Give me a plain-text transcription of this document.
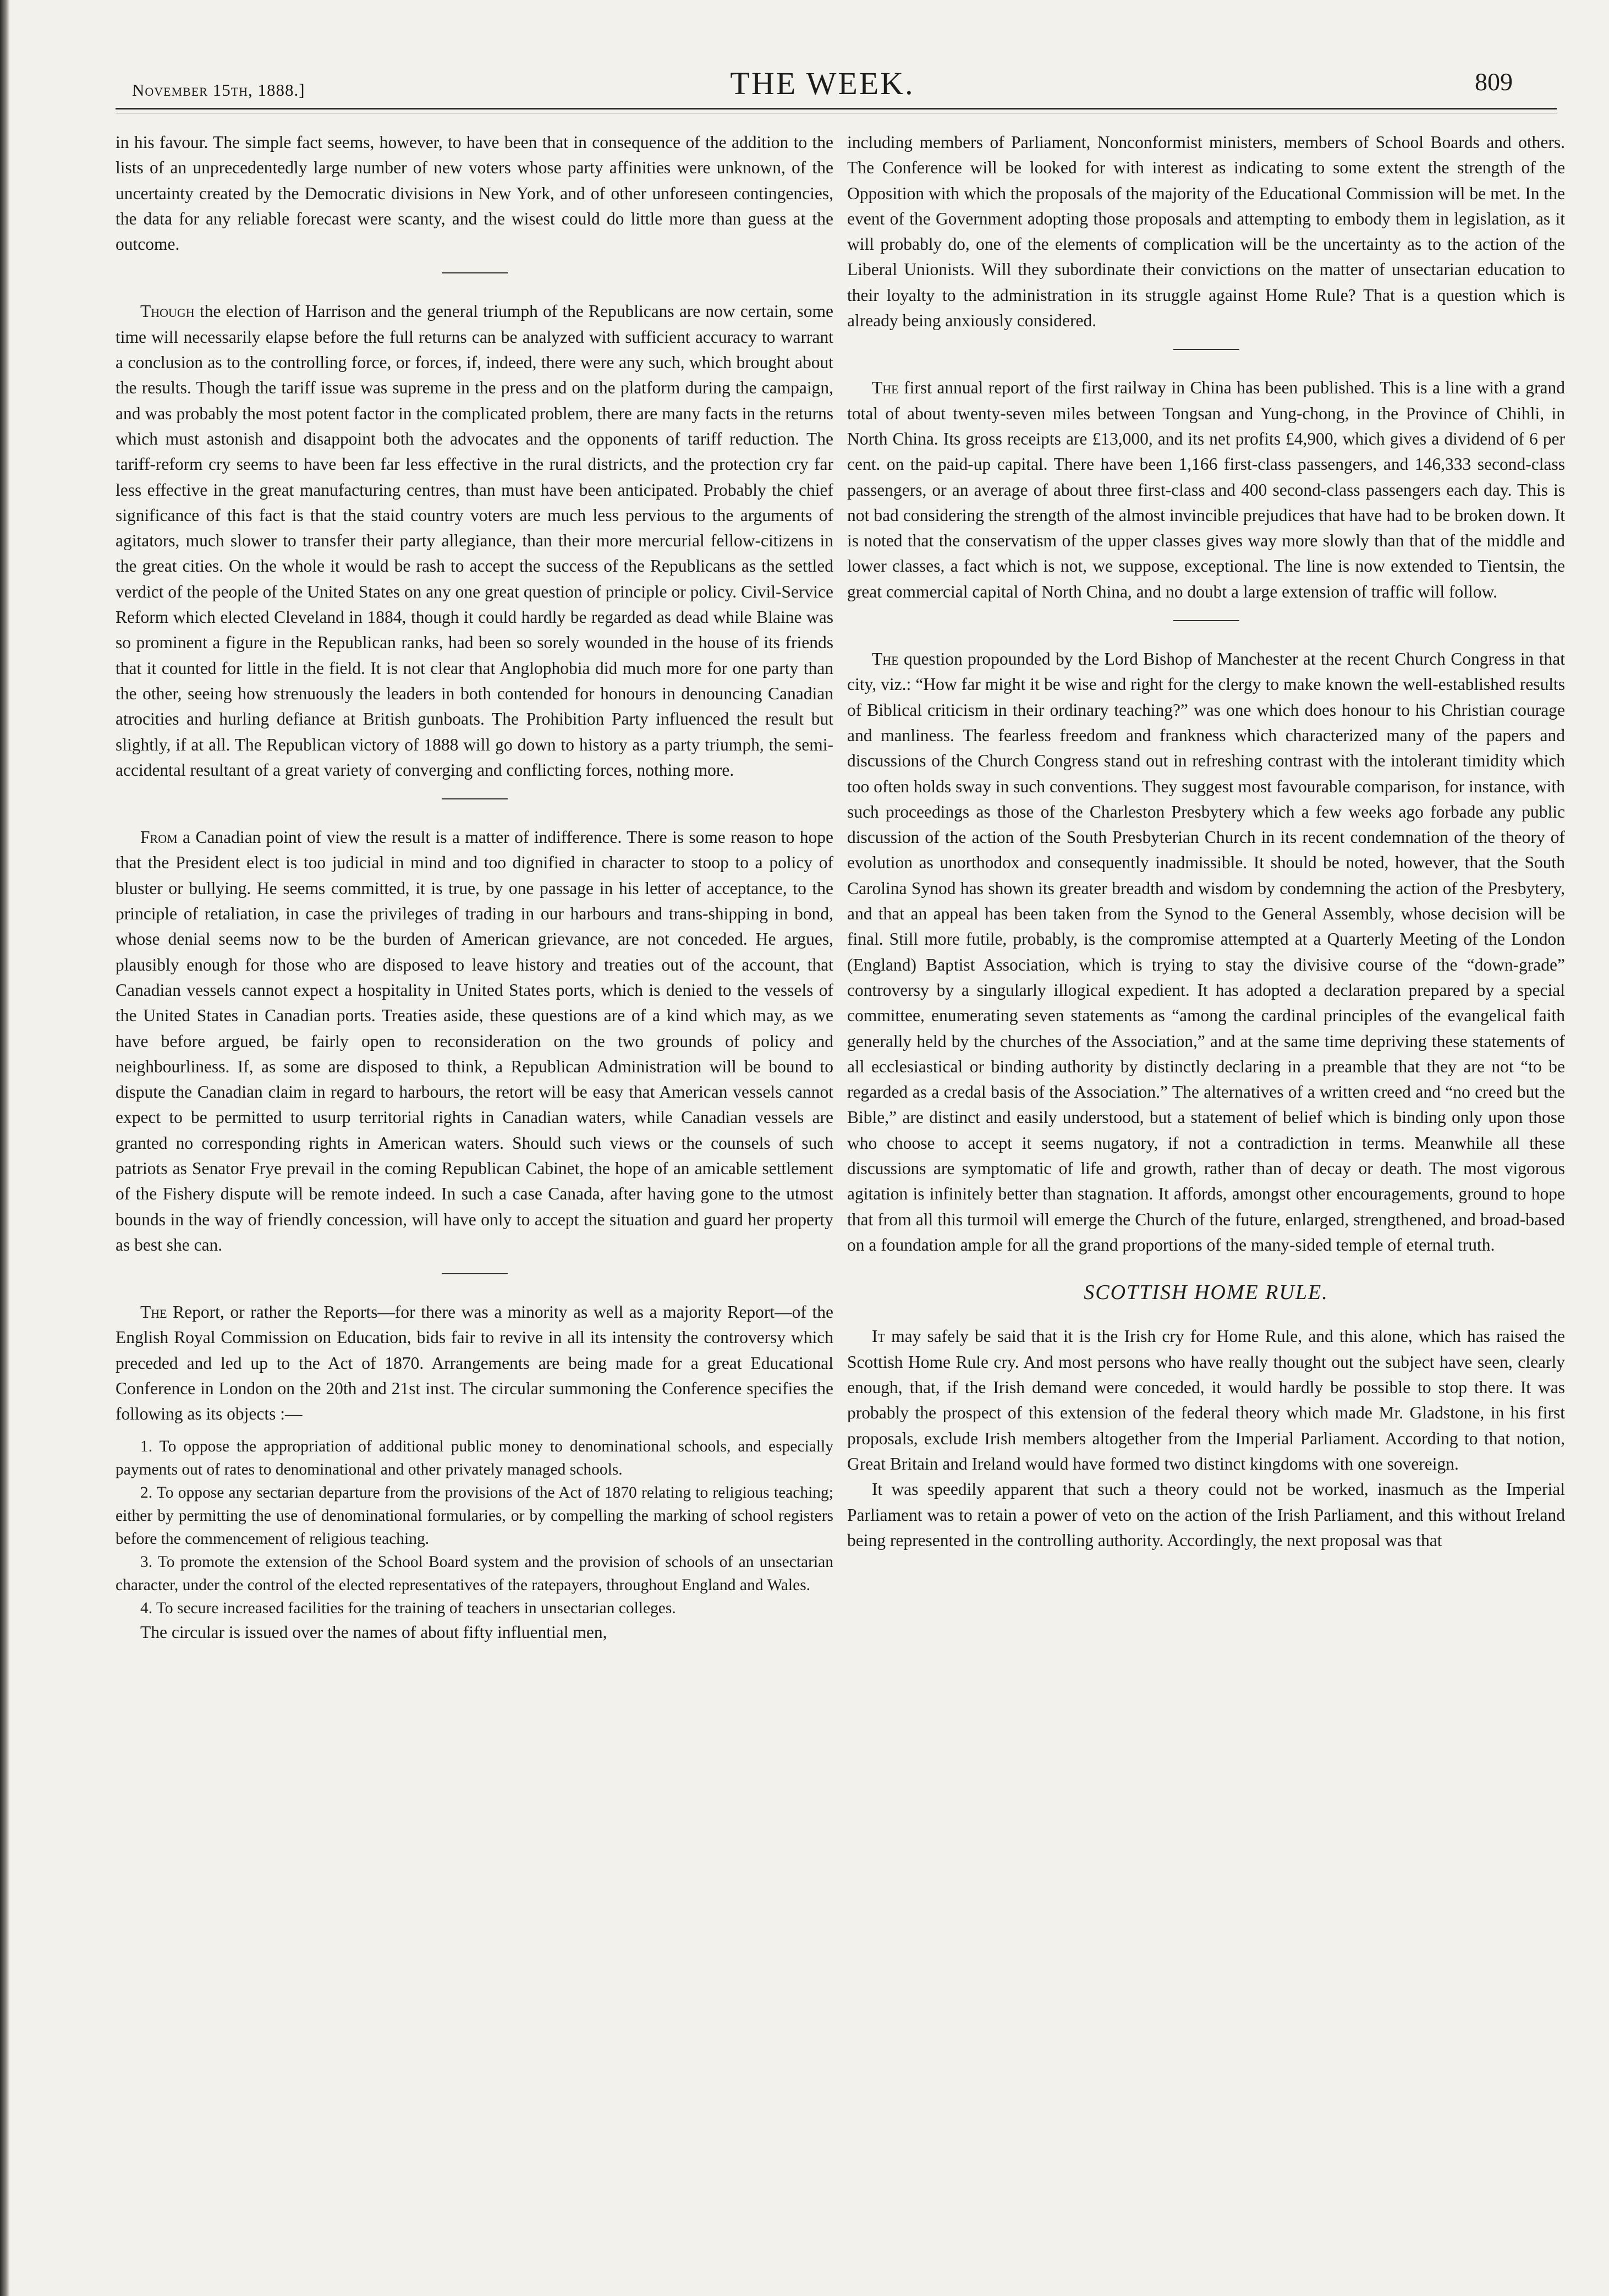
November 15th, 1888.]	THE WEEK.	809

in his favour. The simple fact seems, however, to have been that in consequence of the addition to the lists of an unprecedentedly large number of new voters whose party affinities were unknown, of the uncertainty created by the Democratic divisions in New York, and of other unforeseen contingencies, the data for any reliable forecast were scanty, and the wisest could do little more than guess at the outcome.

Though the election of Harrison and the general triumph of the Republicans are now certain, some time will necessarily elapse before the full returns can be analyzed with sufficient accuracy to warrant a conclusion as to the controlling force, or forces, if, indeed, there were any such, which brought about the results. Though the tariff issue was supreme in the press and on the platform during the campaign, and was probably the most potent factor in the complicated problem, there are many facts in the returns which must astonish and disappoint both the advocates and the opponents of tariff reduction. The tariff-reform cry seems to have been far less effective in the rural districts, and the protection cry far less effective in the great manufacturing centres, than must have been anticipated. Probably the chief significance of this fact is that the staid country voters are much less pervious to the arguments of agitators, much slower to transfer their party allegiance, than their more mercurial fellow-citizens in the great cities. On the whole it would be rash to accept the success of the Republicans as the settled verdict of the people of the United States on any one great question of principle or policy. Civil-Service Reform which elected Cleveland in 1884, though it could hardly be regarded as dead while Blaine was so prominent a figure in the Republican ranks, had been so sorely wounded in the house of its friends that it counted for little in the field. It is not clear that Anglophobia did much more for one party than the other, seeing how strenuously the leaders in both contended for honours in denouncing Canadian atrocities and hurling defiance at British gunboats. The Prohibition Party influenced the result but slightly, if at all. The Republican victory of 1888 will go down to history as a party triumph, the semi-accidental resultant of a great variety of converging and conflicting forces, nothing more.

From a Canadian point of view the result is a matter of indifference. There is some reason to hope that the President elect is too judicial in mind and too dignified in character to stoop to a policy of bluster or bullying. He seems committed, it is true, by one passage in his letter of acceptance, to the principle of retaliation, in case the privileges of trading in our harbours and trans-shipping in bond, whose denial seems now to be the burden of American grievance, are not conceded. He argues, plausibly enough for those who are disposed to leave history and treaties out of the account, that Canadian vessels cannot expect a hospitality in United States ports, which is denied to the vessels of the United States in Canadian ports. Treaties aside, these questions are of a kind which may, as we have before argued, be fairly open to reconsideration on the two grounds of policy and neighbourliness. If, as some are disposed to think, a Republican Administration will be bound to dispute the Canadian claim in regard to harbours, the retort will be easy that American vessels cannot expect to be permitted to usurp territorial rights in Canadian waters, while Canadian vessels are granted no corresponding rights in American waters. Should such views or the counsels of such patriots as Senator Frye prevail in the coming Republican Cabinet, the hope of an amicable settlement of the Fishery dispute will be remote indeed. In such a case Canada, after having gone to the utmost bounds in the way of friendly concession, will have only to accept the situation and guard her property as best she can.

The Report, or rather the Reports—for there was a minority as well as a majority Report—of the English Royal Commission on Education, bids fair to revive in all its intensity the controversy which preceded and led up to the Act of 1870. Arrangements are being made for a great Educational Conference in London on the 20th and 21st inst. The circular summoning the Conference specifies the following as its objects :—

1. To oppose the appropriation of additional public money to denominational schools, and especially payments out of rates to denominational and other privately managed schools.

2. To oppose any sectarian departure from the provisions of the Act of 1870 relating to religious teaching; either by permitting the use of denominational formularies, or by compelling the marking of school registers before the commencement of religious teaching.

3. To promote the extension of the School Board system and the provision of schools of an unsectarian character, under the control of the elected representatives of the ratepayers, throughout England and Wales.

4. To secure increased facilities for the training of teachers in unsectarian colleges.

The circular is issued over the names of about fifty influential men,

including members of Parliament, Nonconformist ministers, members of School Boards and others. The Conference will be looked for with interest as indicating to some extent the strength of the Opposition with which the proposals of the majority of the Educational Commission will be met. In the event of the Government adopting those proposals and attempting to embody them in legislation, as it will probably do, one of the elements of complication will be the uncertainty as to the action of the Liberal Unionists. Will they subordinate their convictions on the matter of unsectarian education to their loyalty to the administration in its struggle against Home Rule? That is a question which is already being anxiously considered.

The first annual report of the first railway in China has been published. This is a line with a grand total of about twenty-seven miles between Tongsan and Yung-chong, in the Province of Chihli, in North China. Its gross receipts are £13,000, and its net profits £4,900, which gives a dividend of 6 per cent. on the paid-up capital. There have been 1,166 first-class passengers, and 146,333 second-class passengers, or an average of about three first-class and 400 second-class passengers each day. This is not bad considering the strength of the almost invincible prejudices that have had to be broken down. It is noted that the conservatism of the upper classes gives way more slowly than that of the middle and lower classes, a fact which is not, we suppose, exceptional. The line is now extended to Tientsin, the great commercial capital of North China, and no doubt a large extension of traffic will follow.

The question propounded by the Lord Bishop of Manchester at the recent Church Congress in that city, viz.: “How far might it be wise and right for the clergy to make known the well-established results of Biblical criticism in their ordinary teaching?” was one which does honour to his Christian courage and manliness. The fearless freedom and frankness which characterized many of the papers and discussions of the Church Congress stand out in refreshing contrast with the intolerant timidity which too often holds sway in such conventions. They suggest most favourable comparison, for instance, with such proceedings as those of the Charleston Presbytery which a few weeks ago forbade any public discussion of the action of the South Presbyterian Church in its recent condemnation of the theory of evolution as unorthodox and consequently inadmissible. It should be noted, however, that the South Carolina Synod has shown its greater breadth and wisdom by condemning the action of the Presbytery, and that an appeal has been taken from the Synod to the General Assembly, whose decision will be final. Still more futile, probably, is the compromise attempted at a Quarterly Meeting of the London (England) Baptist Association, which is trying to stay the divisive course of the “down-grade” controversy by a singularly illogical expedient. It has adopted a declaration prepared by a special committee, enumerating seven statements as “among the cardinal principles of the evangelical faith generally held by the churches of the Association,” and at the same time depriving these statements of all ecclesiastical or binding authority by distinctly declaring in a preamble that they are not “to be regarded as a credal basis of the Association.” The alternatives of a written creed and “no creed but the Bible,” are distinct and easily understood, but a statement of belief which is binding only upon those who choose to accept it seems nugatory, if not a contradiction in terms. Meanwhile all these discussions are symptomatic of life and growth, rather than of decay or death. The most vigorous agitation is infinitely better than stagnation. It affords, amongst other encouragements, ground to hope that from all this turmoil will emerge the Church of the future, enlarged, strengthened, and broad-based on a foundation ample for all the grand proportions of the many-sided temple of eternal truth.

SCOTTISH HOME RULE.

It may safely be said that it is the Irish cry for Home Rule, and this alone, which has raised the Scottish Home Rule cry. And most persons who have really thought out the subject have seen, clearly enough, that, if the Irish demand were conceded, it would hardly be possible to stop there. It was probably the prospect of this extension of the federal theory which made Mr. Gladstone, in his first proposals, exclude Irish members altogether from the Imperial Parliament. According to that notion, Great Britain and Ireland would have formed two distinct kingdoms with one sovereign.

It was speedily apparent that such a theory could not be worked, inasmuch as the Imperial Parliament was to retain a power of veto on the action of the Irish Parliament, and this without Ireland being represented in the controlling authority. Accordingly, the next proposal was that
